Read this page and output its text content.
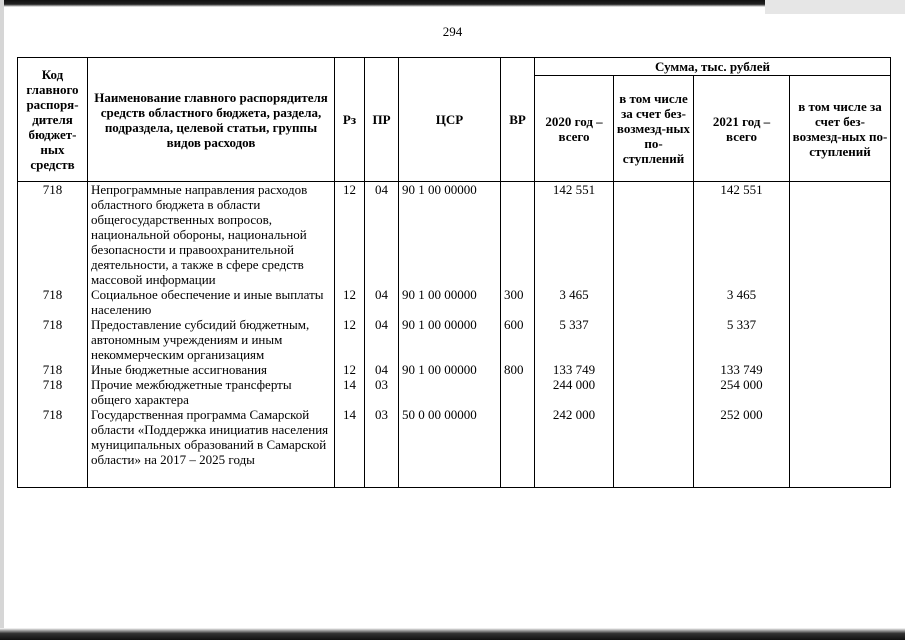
294
Код главного распоря-дителя бюджет-ных средств	Наименование главного распорядителя средств областного бюджета, раздела, подраздела, целевой статьи, группы видов расходов	Рз	ПР	ЦСР	ВР	Сумма, тыс. рублей			
						2020 год – всего	в том числе за счет без-возмезд-ных по-ступлений	2021 год – всего	в том числе за счет без-возмезд-ных по-ступлений
718	Непрограммные направления расходов областного бюджета в области общегосударственных вопросов, национальной обороны, национальной безопасности и правоохранительной деятельности, а также в сфере средств массовой информации	12	04	90 1 00 00000		142 551		142 551	
718	Социальное обеспечение и иные выплаты населению	12	04	90 1 00 00000	300	3 465		3 465	
718	Предоставление субсидий бюджетным, автономным учреждениям и иным некоммерческим организациям	12	04	90 1 00 00000	600	5 337		5 337	
718	Иные бюджетные ассигнования	12	04	90 1 00 00000	800	133 749		133 749	
718	Прочие межбюджетные трансферты общего характера	14	03			244 000		254 000	
718	Государственная программа Самарской области «Поддержка инициатив населения муниципальных образований в Самарской области» на 2017 – 2025 годы	14	03	50 0 00 00000		242 000		252 000	
